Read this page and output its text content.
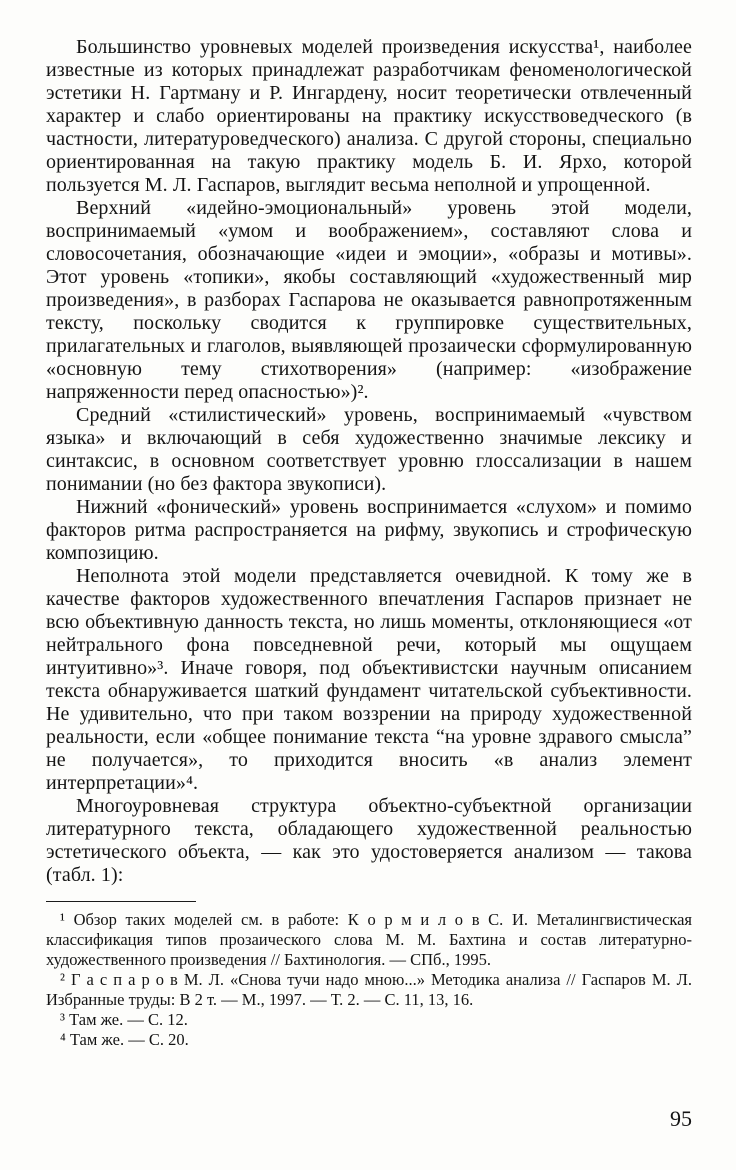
Большинство уровневых моделей произведения искусства¹, наиболее известные из которых принадлежат разработчикам феноменологической эстетики Н. Гартману и Р. Ингардену, носит теоретически отвлеченный характер и слабо ориентированы на практику искусствоведческого (в частности, литературоведческого) анализа. С другой стороны, специально ориентированная на такую практику модель Б. И. Ярхо, которой пользуется М. Л. Гаспаров, выглядит весьма неполной и упрощенной.

Верхний «идейно-эмоциональный» уровень этой модели, воспринимаемый «умом и воображением», составляют слова и словосочетания, обозначающие «идеи и эмоции», «образы и мотивы». Этот уровень «топики», якобы составляющий «художественный мир произведения», в разборах Гаспарова не оказывается равнопротяженным тексту, поскольку сводится к группировке существительных, прилагательных и глаголов, выявляющей прозаически сформулированную «основную тему стихотворения» (например: «изображение напряженности перед опасностью»)².

Средний «стилистический» уровень, воспринимаемый «чувством языка» и включающий в себя художественно значимые лексику и синтаксис, в основном соответствует уровню глоссализации в нашем понимании (но без фактора звукописи).

Нижний «фонический» уровень воспринимается «слухом» и помимо факторов ритма распространяется на рифму, звукопись и строфическую композицию.

Неполнота этой модели представляется очевидной. К тому же в качестве факторов художественного впечатления Гаспаров признает не всю объективную данность текста, но лишь моменты, отклоняющиеся «от нейтрального фона повседневной речи, который мы ощущаем интуитивно»³. Иначе говоря, под объективистски научным описанием текста обнаруживается шаткий фундамент читательской субъективности. Не удивительно, что при таком воззрении на природу художественной реальности, если «общее понимание текста “на уровне здравого смысла” не получается», то приходится вносить «в анализ элемент интерпретации»⁴.

Многоуровневая структура объектно-субъектной организации литературного текста, обладающего художественной реальностью эстетического объекта, — как это удостоверяется анализом — такова (табл. 1):

¹ Обзор таких моделей см. в работе: К о р м и л о в С. И. Металингвистическая классификация типов прозаического слова М. М. Бахтина и состав литературно-художественного произведения // Бахтинология. — СПб., 1995.

² Г а с п а р о в М. Л. «Снова тучи надо мною...» Методика анализа // Гаспаров М. Л. Избранные труды: В 2 т. — М., 1997. — Т. 2. — С. 11, 13, 16.

³ Там же. — С. 12.

⁴ Там же. — С. 20.

95
